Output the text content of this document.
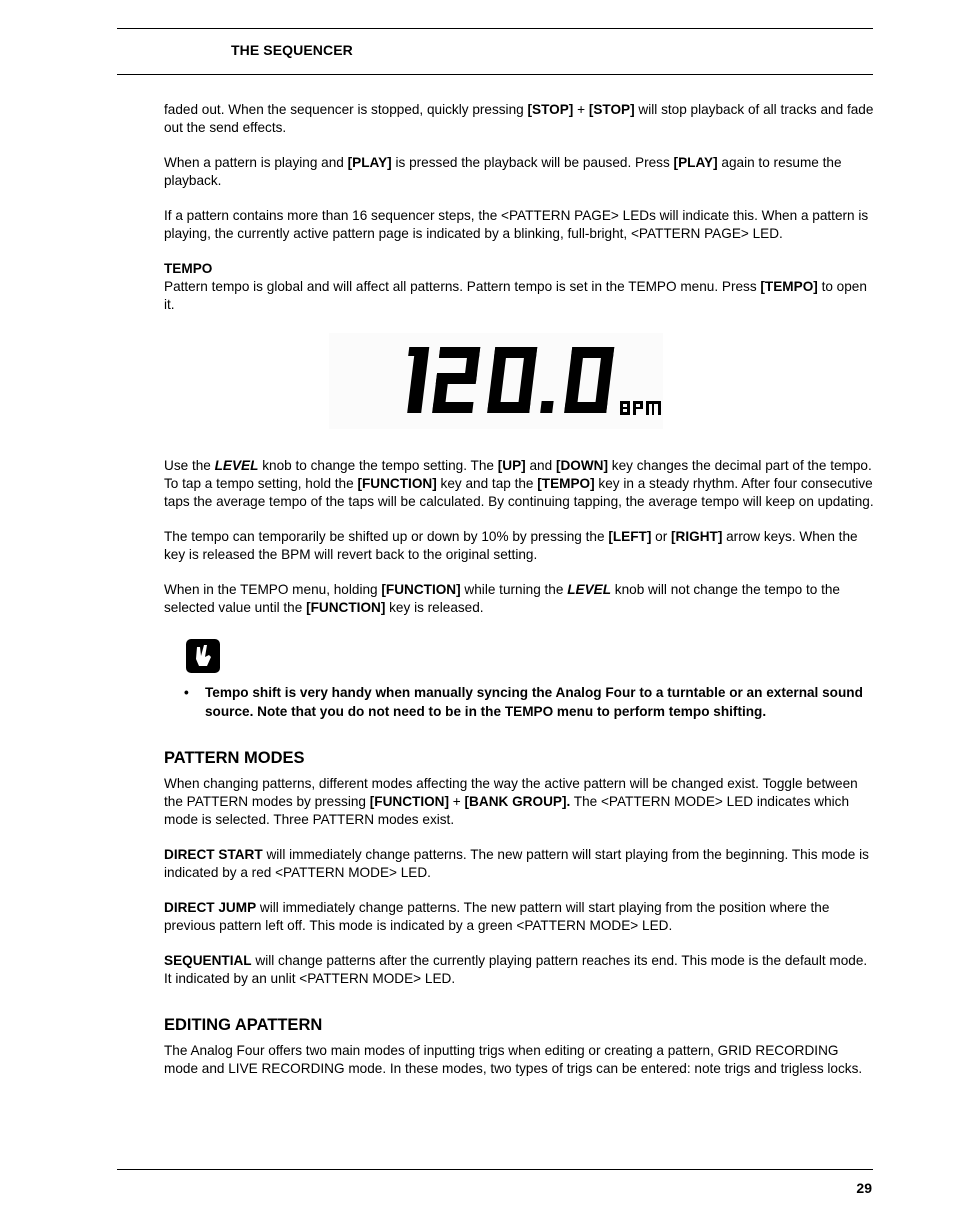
THE SEQUENCER

faded out. When the sequencer is stopped, quickly pressing [STOP] + [STOP] will stop playback of all tracks and fade out the send effects.

When a pattern is playing and [PLAY] is pressed the playback will be paused. Press [PLAY] again to resume the playback.

If a pattern contains more than 16 sequencer steps, the <PATTERN PAGE> LEDs will indicate this. When a pattern is playing, the currently active pattern page is indicated by a blinking, full-bright, <PATTERN PAGE> LED.

TEMPO

Pattern tempo is global and will affect all patterns. Pattern tempo is set in the TEMPO menu. Press [TEMPO] to open it.

Use the LEVEL knob to change the tempo setting. The [UP] and [DOWN] key changes the decimal part of the tempo. To tap a tempo setting, hold the [FUNCTION] key and tap the [TEMPO] key in a steady rhythm. After four consecutive taps the average tempo of the taps will be calculated. By continuing tapping, the average tempo will keep on updating.

The tempo can temporarily be shifted up or down by 10% by pressing the [LEFT] or [RIGHT] arrow keys. When the key is released the BPM will revert back to the original setting.

When in the TEMPO menu, holding [FUNCTION] while turning the LEVEL knob will not change the tempo to the selected value until the [FUNCTION] key is released.

• Tempo shift is very handy when manually syncing the Analog Four to a turntable or an external sound source. Note that you do not need to be in the TEMPO menu to perform tempo shifting.
PATTERN MODES

When changing patterns, different modes affecting the way the active pattern will be changed exist. Toggle between the PATTERN modes by pressing [FUNCTION] + [BANK GROUP]. The <PATTERN MODE> LED indicates which mode is selected. Three PATTERN modes exist.

DIRECT START will immediately change patterns. The new pattern will start playing from the beginning. This mode is indicated by a red <PATTERN MODE> LED.

DIRECT JUMP will immediately change patterns. The new pattern will start playing from the position where the previous pattern left off. This mode is indicated by a green <PATTERN MODE> LED.

SEQUENTIAL will change patterns after the currently playing pattern reaches its end. This mode is the default mode. It indicated by an unlit <PATTERN MODE> LED.

EDITING APATTERN

The Analog Four offers two main modes of inputting trigs when editing or creating a pattern, GRID RECORDING mode and LIVE RECORDING mode. In these modes, two types of trigs can be entered: note trigs and trigless locks.

29
